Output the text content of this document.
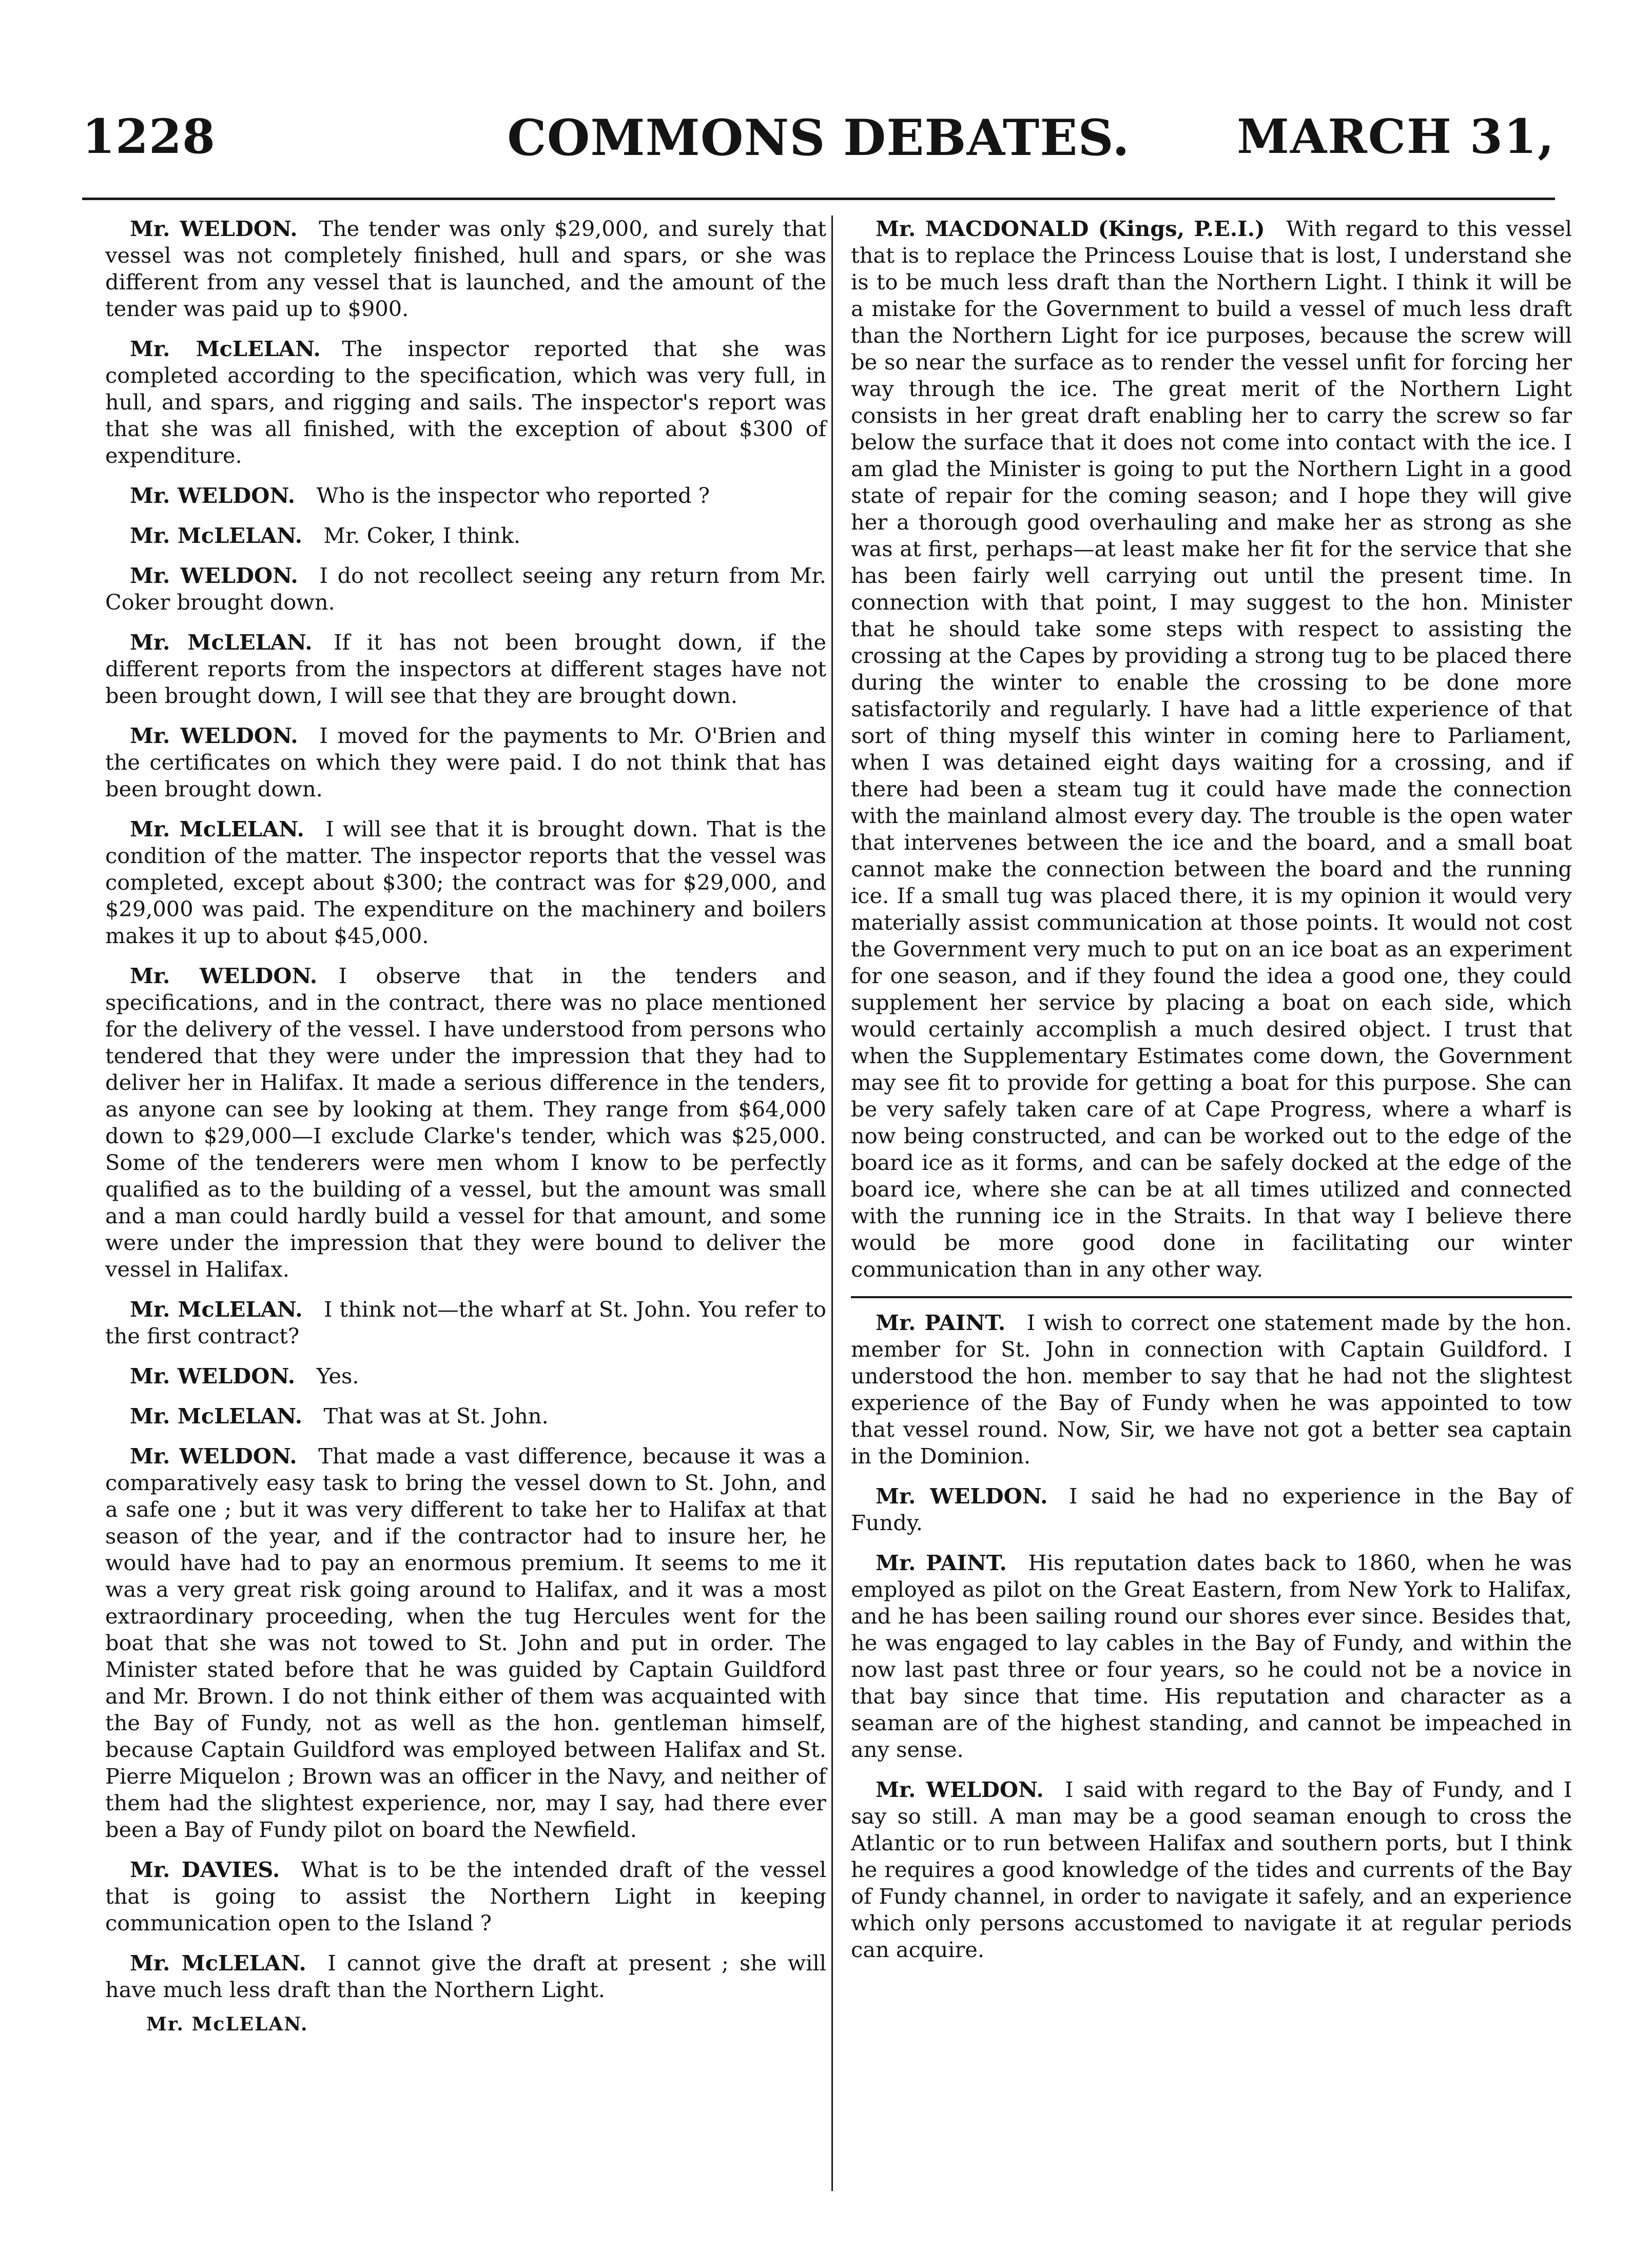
1228	COMMONS DEBATES.	MARCH 31,

Mr. WELDON.   The tender was only $29,000, and surely that vessel was not completely finished, hull and spars, or she was different from any vessel that is launched, and the amount of the tender was paid up to $900.

Mr. McLELAN.   The inspector reported that she was completed according to the specification, which was very full, in hull, and spars, and rigging and sails. The inspector's report was that she was all finished, with the exception of about $300 of expenditure.

Mr. WELDON.   Who is the inspector who reported ?

Mr. McLELAN.   Mr. Coker, I think.

Mr. WELDON.   I do not recollect seeing any return from Mr. Coker brought down.

Mr. McLELAN.   If it has not been brought down, if the different reports from the inspectors at different stages have not been brought down, I will see that they are brought down.

Mr. WELDON.   I moved for the payments to Mr. O'Brien and the certificates on which they were paid. I do not think that has been brought down.

Mr. McLELAN.   I will see that it is brought down. That is the condition of the matter. The inspector reports that the vessel was completed, except about $300; the contract was for $29,000, and $29,000 was paid. The expenditure on the machinery and boilers makes it up to about $45,000.

Mr. WELDON.   I observe that in the tenders and specifications, and in the contract, there was no place mentioned for the delivery of the vessel. I have understood from persons who tendered that they were under the impression that they had to deliver her in Halifax. It made a serious difference in the tenders, as anyone can see by looking at them. They range from $64,000 down to $29,000—I exclude Clarke's tender, which was $25,000. Some of the tenderers were men whom I know to be perfectly qualified as to the building of a vessel, but the amount was small and a man could hardly build a vessel for that amount, and some were under the impression that they were bound to deliver the vessel in Halifax.

Mr. McLELAN.   I think not—the wharf at St. John. You refer to the first contract?

Mr. WELDON.   Yes.

Mr. McLELAN.   That was at St. John.

Mr. WELDON.   That made a vast difference, because it was a comparatively easy task to bring the vessel down to St. John, and a safe one ; but it was very different to take her to Halifax at that season of the year, and if the contractor had to insure her, he would have had to pay an enormous premium. It seems to me it was a very great risk going around to Halifax, and it was a most extraordinary proceeding, when the tug Hercules went for the boat that she was not towed to St. John and put in order. The Minister stated before that he was guided by Captain Guildford and Mr. Brown. I do not think either of them was acquainted with the Bay of Fundy, not as well as the hon. gentleman himself, because Captain Guildford was employed between Halifax and St. Pierre Miquelon ; Brown was an officer in the Navy, and neither of them had the slightest experience, nor, may I say, had there ever been a Bay of Fundy pilot on board the Newfield.

Mr. DAVIES.   What is to be the intended draft of the vessel that is going to assist the Northern Light in keeping communication open to the Island ?

Mr. McLELAN.   I cannot give the draft at present ; she will have much less draft than the Northern Light.

Mr. McLELAN.

Mr. MACDONALD (Kings, P.E.I.)   With regard to this vessel that is to replace the Princess Louise that is lost, I understand she is to be much less draft than the Northern Light. I think it will be a mistake for the Government to build a vessel of much less draft than the Northern Light for ice purposes, because the screw will be so near the surface as to render the vessel unfit for forcing her way through the ice. The great merit of the Northern Light consists in her great draft enabling her to carry the screw so far below the surface that it does not come into contact with the ice. I am glad the Minister is going to put the Northern Light in a good state of repair for the coming season; and I hope they will give her a thorough good overhauling and make her as strong as she was at first, perhaps—at least make her fit for the service that she has been fairly well carrying out until the present time. In connection with that point, I may suggest to the hon. Minister that he should take some steps with respect to assisting the crossing at the Capes by providing a strong tug to be placed there during the winter to enable the crossing to be done more satisfactorily and regularly. I have had a little experience of that sort of thing myself this winter in coming here to Parliament, when I was detained eight days waiting for a crossing, and if there had been a steam tug it could have made the connection with the mainland almost every day. The trouble is the open water that intervenes between the ice and the board, and a small boat cannot make the connection between the board and the running ice. If a small tug was placed there, it is my opinion it would very materially assist communication at those points. It would not cost the Government very much to put on an ice boat as an experiment for one season, and if they found the idea a good one, they could supplement her service by placing a boat on each side, which would certainly accomplish a much desired object. I trust that when the Supplementary Estimates come down, the Government may see fit to provide for getting a boat for this purpose. She can be very safely taken care of at Cape Progress, where a wharf is now being constructed, and can be worked out to the edge of the board ice as it forms, and can be safely docked at the edge of the board ice, where she can be at all times utilized and connected with the running ice in the Straits. In that way I believe there would be more good done in facilitating our winter communication than in any other way.

Mr. PAINT.   I wish to correct one statement made by the hon. member for St. John in connection with Captain Guildford. I understood the hon. member to say that he had not the slightest experience of the Bay of Fundy when he was appointed to tow that vessel round. Now, Sir, we have not got a better sea captain in the Dominion.

Mr. WELDON.   I said he had no experience in the Bay of Fundy.

Mr. PAINT.   His reputation dates back to 1860, when he was employed as pilot on the Great Eastern, from New York to Halifax, and he has been sailing round our shores ever since. Besides that, he was engaged to lay cables in the Bay of Fundy, and within the now last past three or four years, so he could not be a novice in that bay since that time. His reputation and character as a seaman are of the highest standing, and cannot be impeached in any sense.

Mr. WELDON.   I said with regard to the Bay of Fundy, and I say so still. A man may be a good seaman enough to cross the Atlantic or to run between Halifax and southern ports, but I think he requires a good knowledge of the tides and currents of the Bay of Fundy channel, in order to navigate it safely, and an experience which only persons accustomed to navigate it at regular periods can acquire.
